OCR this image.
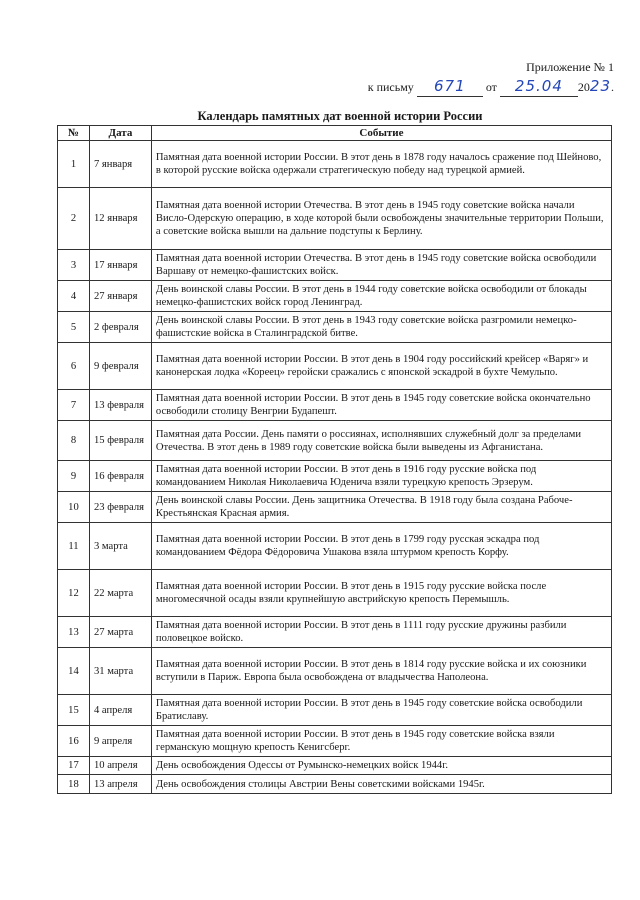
Приложение № 1
к письму 671 от 25.04 2023.
Календарь памятных дат военной истории России
№	Дата	Событие
1	7 января	Памятная дата военной истории России. В этот день в 1878 году началось сражение под Шейново, в которой русские войска одержали стратегическую победу над турецкой армией.
2	12 января	Памятная дата военной истории Отечества. В этот день в 1945 году советские войска начали Висло-Одерскую операцию, в ходе которой были освобождены значительные территории Польши, а советские войска вышли на дальние подступы к Берлину.
3	17 января	Памятная дата военной истории Отечества. В этот день в 1945 году советские войска освободили Варшаву от немецко-фашистских войск.
4	27 января	День воинской славы России. В этот день в 1944 году советские войска освободили от блокады немецко-фашистских войск город Ленинград.
5	2 февраля	День воинской славы России. В этот день в 1943 году советские войска разгромили немецко-фашистские войска в Сталинградской битве.
6	9 февраля	Памятная дата военной истории России. В этот день в 1904 году российский крейсер «Варяг» и канонерская лодка «Кореец» геройски сражались с японской эскадрой в бухте Чемульпо.
7	13 февраля	Памятная дата военной истории России. В этот день в 1945 году советские войска окончательно освободили столицу Венгрии Будапешт.
8	15 февраля	Памятная дата России. День памяти о россиянах, исполнявших служебный долг за пределами Отечества. В этот день в 1989 году советские войска были выведены из Афганистана.
9	16 февраля	Памятная дата военной истории России. В этот день в 1916 году русские войска под командованием Николая Николаевича Юденича взяли турецкую крепость Эрзерум.
10	23 февраля	День воинской славы России. День защитника Отечества. В 1918 году была создана Рабоче-Крестьянская Красная армия.
11	3 марта	Памятная дата военной истории России. В этот день в 1799 году русская эскадра под командованием Фёдора Фёдоровича Ушакова взяла штурмом крепость Корфу.
12	22 марта	Памятная дата военной истории России. В этот день в 1915 году русские войска после многомесячной осады взяли крупнейшую австрийскую крепость Перемышль.
13	27 марта	Памятная дата военной истории России. В этот день в 1111 году русские дружины разбили половецкое войско.
14	31 марта	Памятная дата военной истории России. В этот день в 1814 году русские войска и их союзники вступили в Париж. Европа была освобождена от владычества Наполеона.
15	4 апреля	Памятная дата военной истории России. В этот день в 1945 году советские войска освободили Братиславу.
16	9 апреля	Памятная дата военной истории России. В этот день в 1945 году советские войска взяли германскую мощную крепость Кенигсберг.
17	10 апреля	День освобождения Одессы от Румынско-немецких войск 1944г.
18	13 апреля	День освобождения столицы Австрии Вены советскими войсками 1945г.
